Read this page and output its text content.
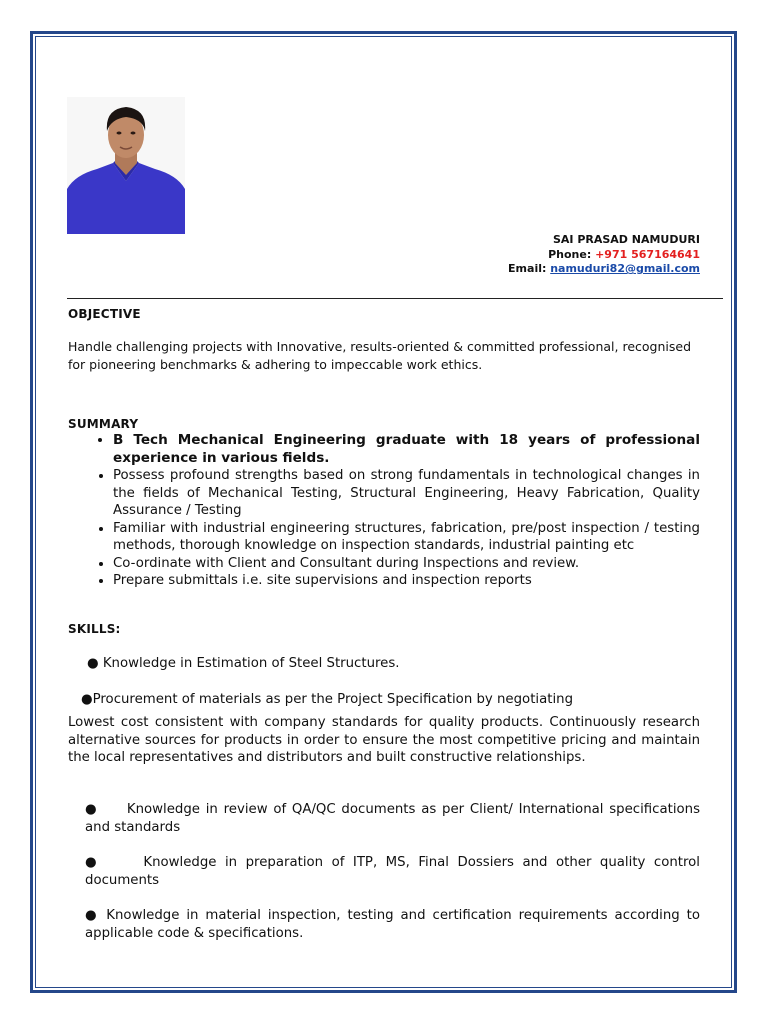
SAI PRASAD NAMUDURI
Phone: +971 567164641
Email: namuduri82@gmail.com
OBJECTIVE
Handle challenging projects with Innovative, results-oriented & committed professional, recognised for pioneering benchmarks & adhering to impeccable work ethics.
SUMMARY
• B Tech Mechanical Engineering graduate with 18 years of professional experience in various fields.
• Possess profound strengths based on strong fundamentals in technological changes in the fields of Mechanical Testing, Structural Engineering, Heavy Fabrication, Quality Assurance / Testing
• Familiar with industrial engineering structures, fabrication, pre/post inspection / testing methods, thorough knowledge on inspection standards, industrial painting etc
• Co-ordinate with Client and Consultant during Inspections and review.
• Prepare submittals i.e. site supervisions and inspection reports
SKILLS:
● Knowledge in Estimation of Steel Structures.
●Procurement of materials as per the Project Specification by negotiating
Lowest cost consistent with company standards for quality products. Continuously research alternative sources for products in order to ensure the most competitive pricing and maintain the local representatives and distributors and built constructive relationships.
●     Knowledge in review of QA/QC documents as per Client/ International specifications and standards
●     Knowledge in preparation of ITP, MS, Final Dossiers and other quality control documents
● Knowledge in material inspection, testing and certification requirements according to applicable code & specifications.
